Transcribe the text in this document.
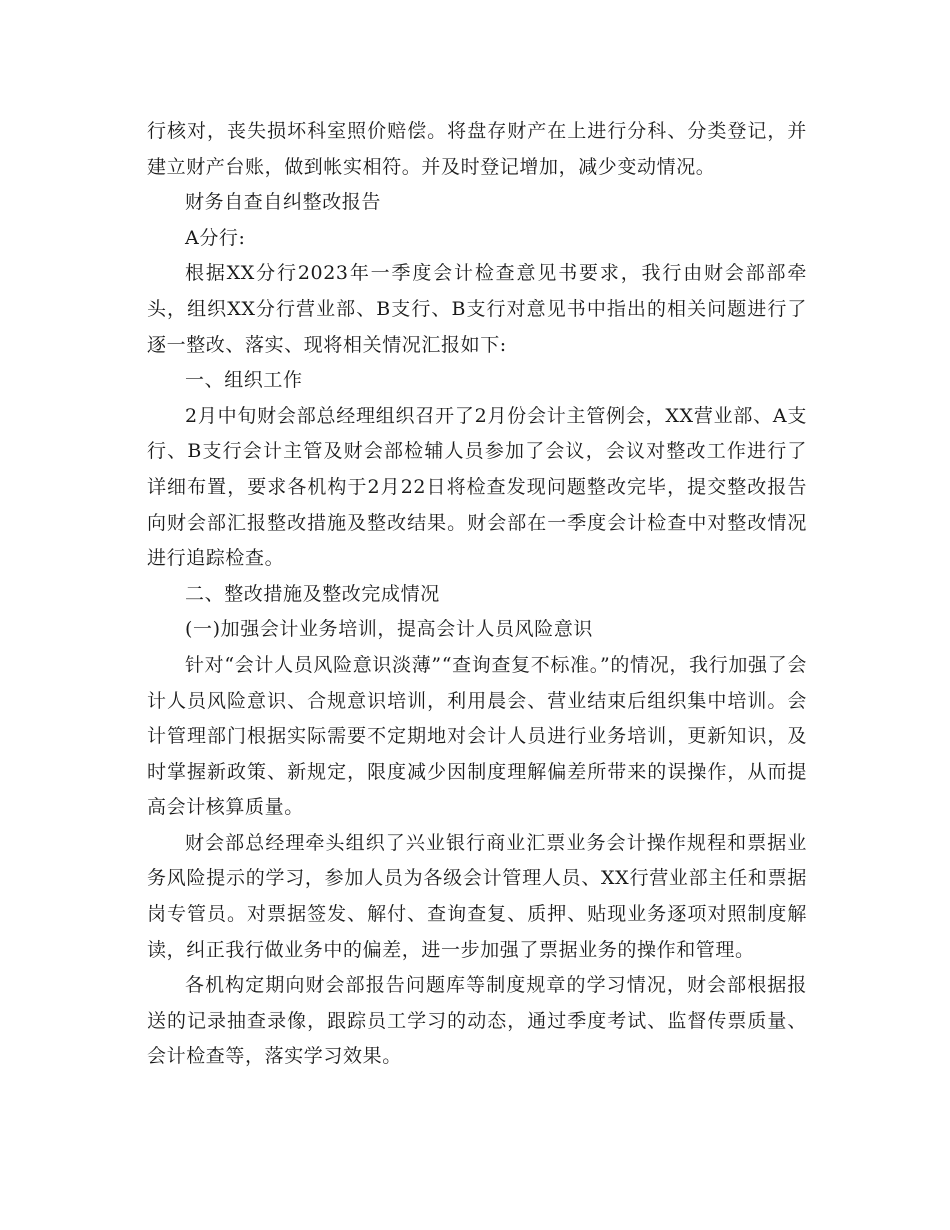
行核对，丧失损坏科室照价赔偿。将盘存财产在上进行分科、分类登记，并建立财产台账，做到帐实相符。并及时登记增加，减少变动情况。

财务自查自纠整改报告

A分行:

根据XX分行2023年一季度会计检查意见书要求，我行由财会部部牵头，组织XX分行营业部、B支行、B支行对意见书中指出的相关问题进行了逐一整改、落实、现将相关情况汇报如下:

一、组织工作

2月中旬财会部总经理组织召开了2月份会计主管例会，XX营业部、A支行、B支行会计主管及财会部检辅人员参加了会议，会议对整改工作进行了详细布置，要求各机构于2月22日将检查发现问题整改完毕，提交整改报告向财会部汇报整改措施及整改结果。财会部在一季度会计检查中对整改情况进行追踪检查。

二、整改措施及整改完成情况

(一)加强会计业务培训，提高会计人员风险意识

针对“会计人员风险意识淡薄”“查询查复不标准。”的情况，我行加强了会计人员风险意识、合规意识培训，利用晨会、营业结束后组织集中培训。会计管理部门根据实际需要不定期地对会计人员进行业务培训，更新知识，及时掌握新政策、新规定，限度减少因制度理解偏差所带来的误操作，从而提高会计核算质量。

财会部总经理牵头组织了兴业银行商业汇票业务会计操作规程和票据业务风险提示的学习，参加人员为各级会计管理人员、XX行营业部主任和票据岗专管员。对票据签发、解付、查询查复、质押、贴现业务逐项对照制度解读，纠正我行做业务中的偏差，进一步加强了票据业务的操作和管理。

各机构定期向财会部报告问题库等制度规章的学习情况，财会部根据报送的记录抽查录像，跟踪员工学习的动态，通过季度考试、监督传票质量、会计检查等，落实学习效果。
